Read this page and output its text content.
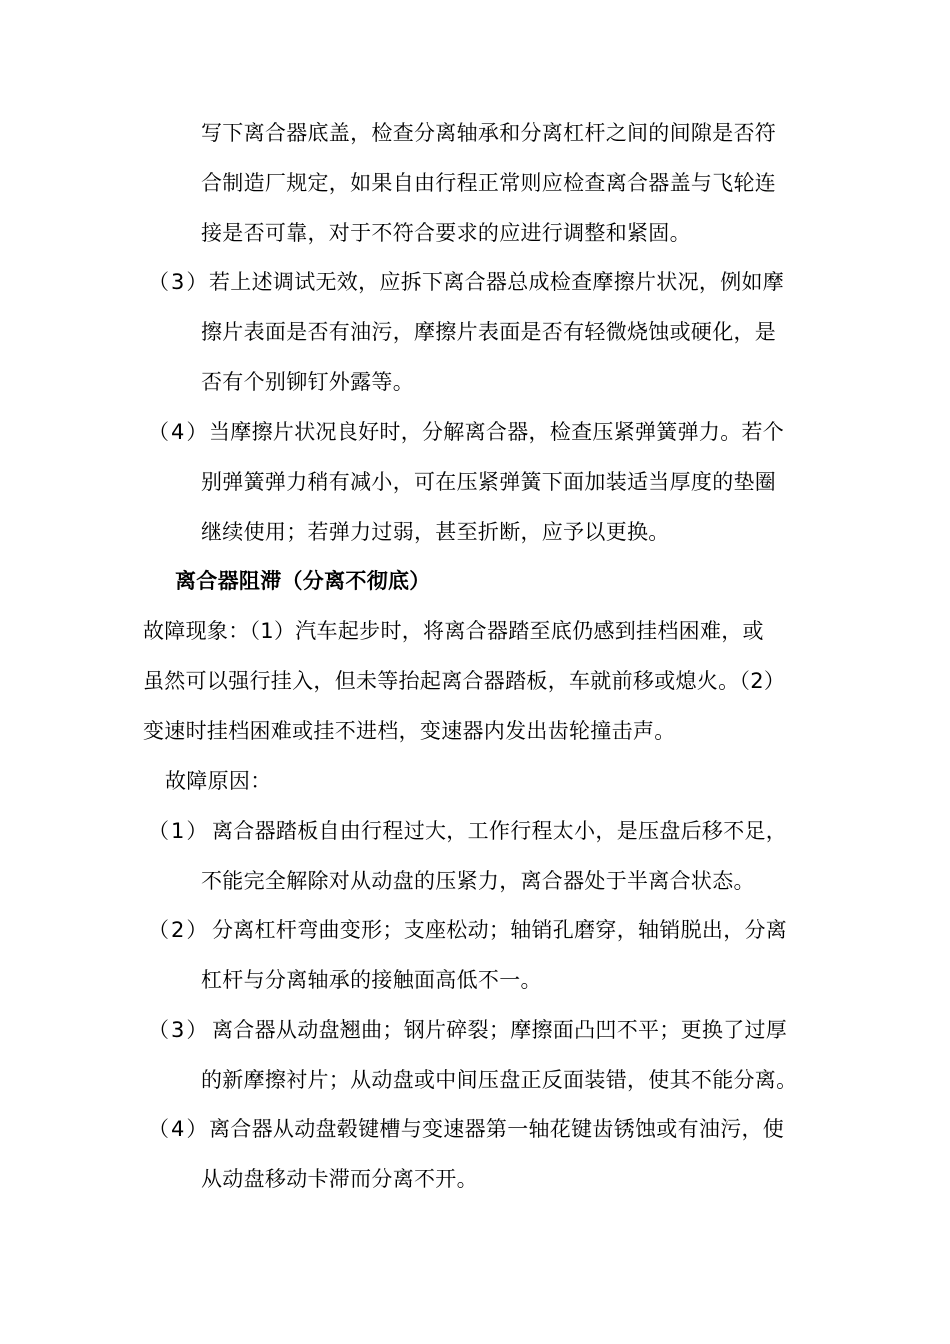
写下离合器底盖，检查分离轴承和分离杠杆之间的间隙是否符
合制造厂规定，如果自由行程正常则应检查离合器盖与飞轮连
接是否可靠，对于不符合要求的应进行调整和紧固。
（3） 若上述调试无效，应拆下离合器总成检查摩擦片状况，例如摩
擦片表面是否有油污，摩擦片表面是否有轻微烧蚀或硬化，是
否有个别铆钉外露等。
（4） 当摩擦片状况良好时，分解离合器，检查压紧弹簧弹力。若个
别弹簧弹力稍有减小，可在压紧弹簧下面加装适当厚度的垫圈
继续使用；若弹力过弱，甚至折断，应予以更换。
离合器阻滞（分离不彻底）
故障现象：（1）汽车起步时，将离合器踏至底仍感到挂档困难，或
虽然可以强行挂入，但未等抬起离合器踏板，车就前移或熄火。（2）
变速时挂档困难或挂不进档，变速器内发出齿轮撞击声。
故障原因：
（1） 离合器踏板自由行程过大，工作行程太小，是压盘后移不足，
不能完全解除对从动盘的压紧力，离合器处于半离合状态。
（2） 分离杠杆弯曲变形；支座松动；轴销孔磨穿，轴销脱出，分离
杠杆与分离轴承的接触面高低不一。
（3） 离合器从动盘翘曲；钢片碎裂；摩擦面凸凹不平；更换了过厚
的新摩擦衬片；从动盘或中间压盘正反面装错，使其不能分离。
（4） 离合器从动盘毂键槽与变速器第一轴花键齿锈蚀或有油污，使
从动盘移动卡滞而分离不开。
